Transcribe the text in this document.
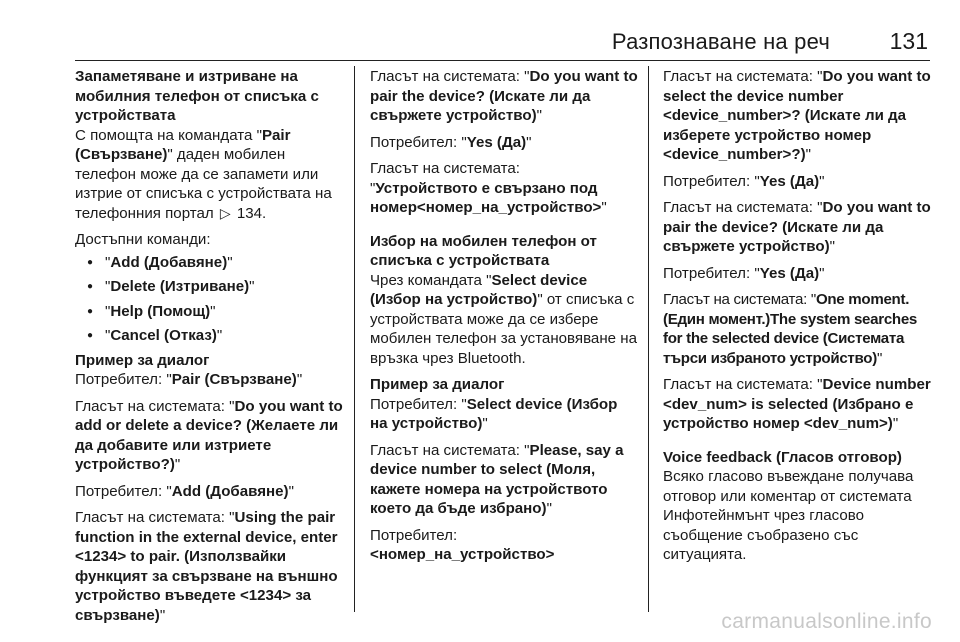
Разпознаване на реч	131

Запаметяване и изтриване на мобилния телефон от списъка с устройствата

С помощта на командата "Pair (Свързване)" даден мобилен телефон може да се запамети или изтрие от списъка с устройствата на телефонния портал ▷ 134.

Достъпни команди:

● "Add (Добавяне)"
● "Delete (Изтриване)"
● "Help (Помощ)"
● "Cancel (Отказ)"

Пример за диалог

Потребител: "Pair (Свързване)"

Гласът на системата: "Do you want to add or delete a device? (Желаете ли да добавите или изтриете устройство?)"

Потребител: "Add (Добавяне)"

Гласът на системата: "Using the pair function in the external device, enter <1234> to pair. (Използвайки функцият за свързване на външно устройство въведете <1234> за свързване)"

Гласът на системата: "Do you want to pair the device? (Искате ли да свържете устройство)"

Потребител: "Yes (Да)"

Гласът на системата:
"Устройството е свързано под номер<номер_на_устройство>"

Избор на мобилен телефон от списъка с устройствата

Чрез командата "Select device (Избор на устройство)" от списъка с устройствата може да се избере мобилен телефон за установяване на връзка чрез Bluetooth.

Пример за диалог

Потребител: "Select device (Избор на устройство)"

Гласът на системата: "Please, say a device number to select (Моля, кажете номера на устройството което да бъде избрано)"

Потребител:
<номер_на_устройство>

Гласът на системата: "Do you want to select the device number <device_number>? (Искате ли да изберете устройство номер <device_number>?)"

Потребител: "Yes (Да)"

Гласът на системата: "Do you want to pair the device? (Искате ли да свържете устройство)"

Потребител: "Yes (Да)"

Гласът на системата: "One moment. (Един момент.)The system searches for the selected device (Системата търси избраното устройство)"

Гласът на системата: "Device number <dev_num> is selected (Избрано е устройство номер <dev_num>)"

Voice feedback (Гласов отговор)

Всяко гласово въвеждане получава отговор или коментар от системата Инфотейнмънт чрез гласово съобщение съобразено със ситуацията.

carmanualsonline.info
